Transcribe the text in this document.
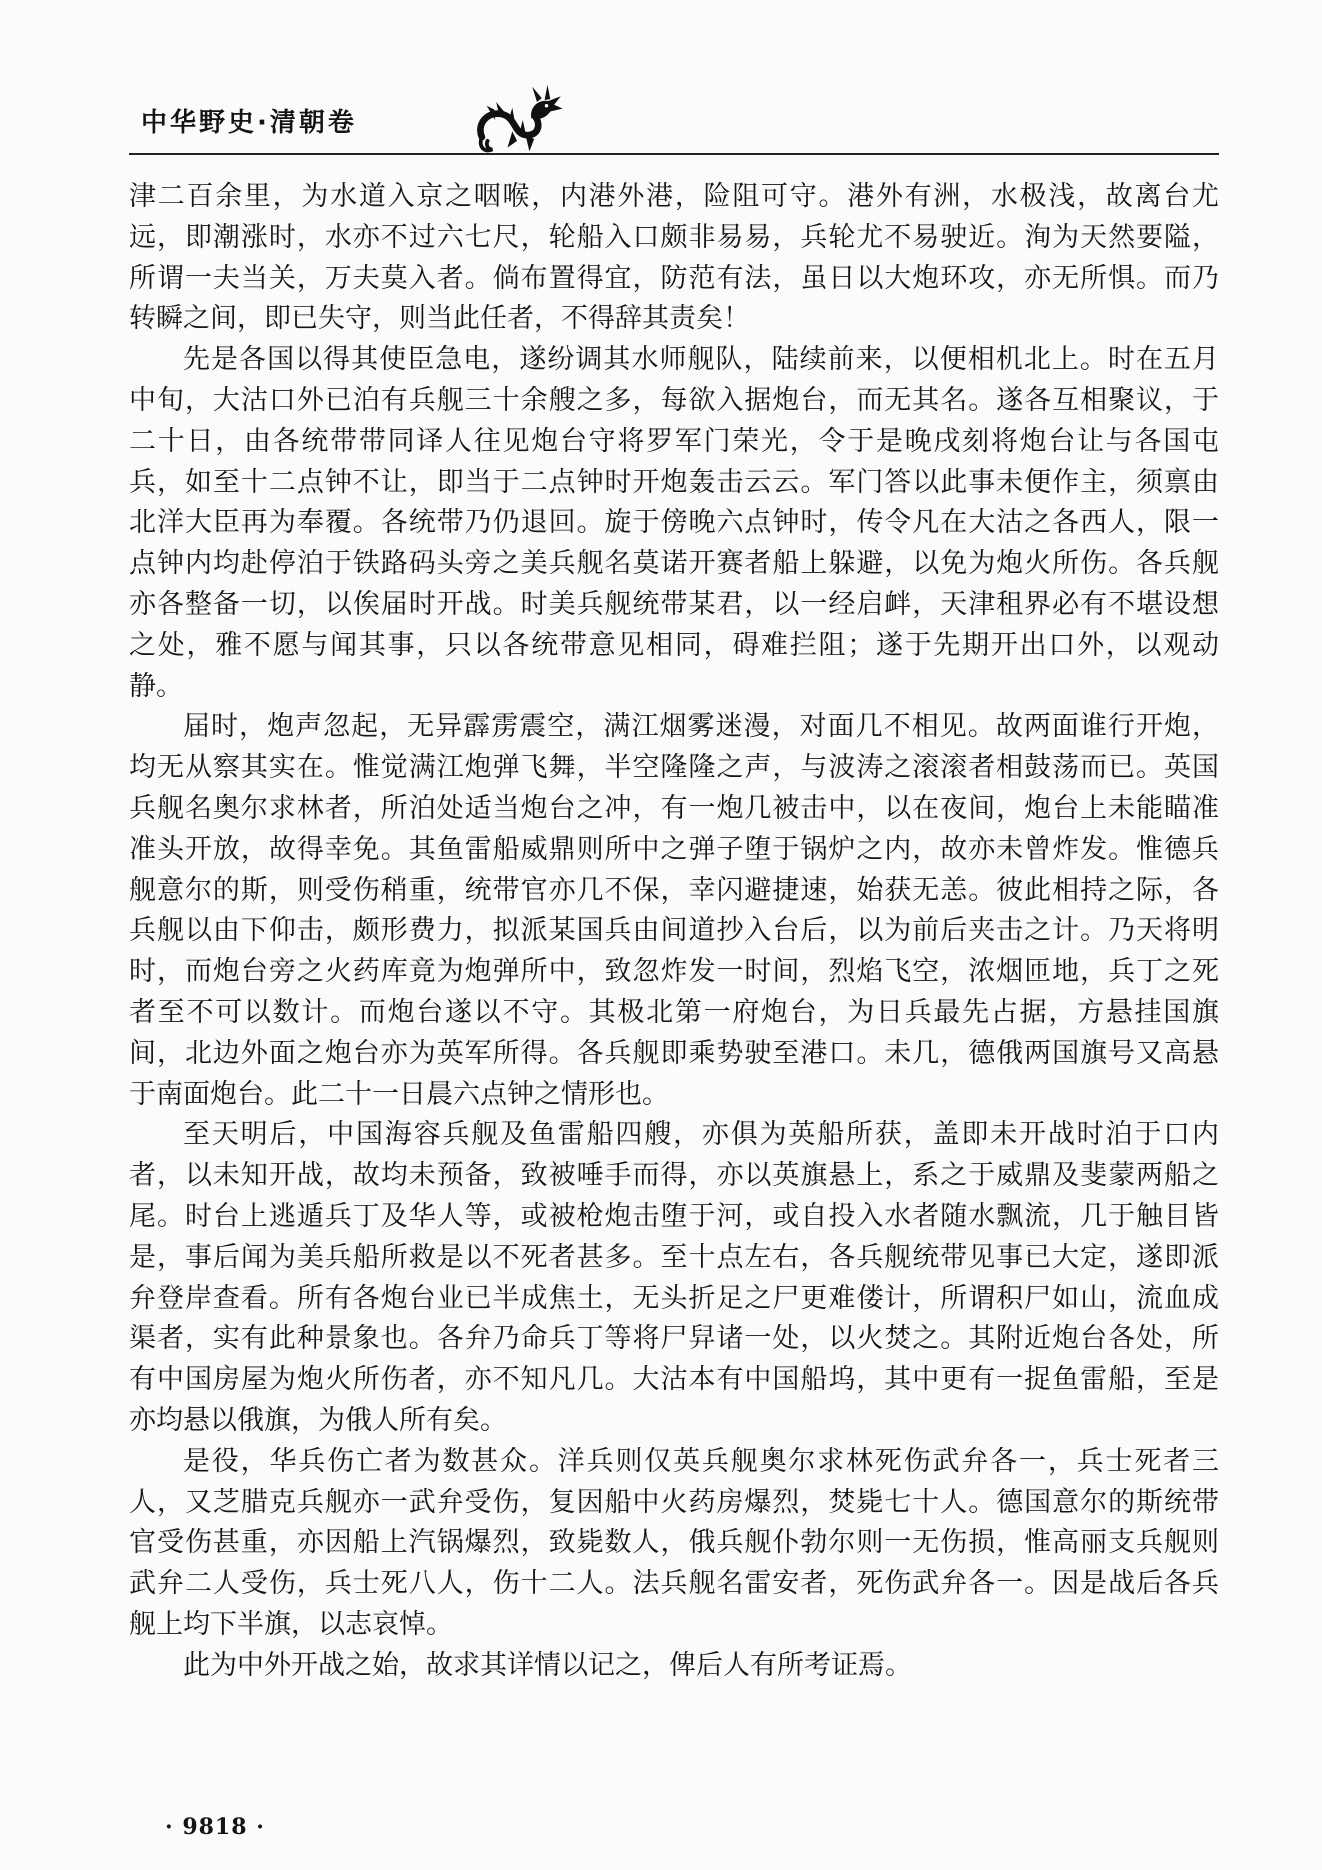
中华野史·清朝卷
津二百余里，为水道入京之咽喉，内港外港，险阻可守。港外有洲，水极浅，故离台尤
远，即潮涨时，水亦不过六七尺，轮船入口颇非易易，兵轮尤不易驶近。洵为天然要隘，
所谓一夫当关，万夫莫入者。倘布置得宜，防范有法，虽日以大炮环攻，亦无所惧。而乃
转瞬之间，即已失守，则当此任者，不得辞其责矣！
先是各国以得其使臣急电，遂纷调其水师舰队，陆续前来，以便相机北上。时在五月
中旬，大沽口外已泊有兵舰三十余艘之多，每欲入据炮台，而无其名。遂各互相聚议，于
二十日，由各统带带同译人往见炮台守将罗军门荣光，令于是晚戌刻将炮台让与各国屯
兵，如至十二点钟不让，即当于二点钟时开炮轰击云云。军门答以此事未便作主，须禀由
北洋大臣再为奉覆。各统带乃仍退回。旋于傍晚六点钟时，传令凡在大沽之各西人，限一
点钟内均赴停泊于铁路码头旁之美兵舰名莫诺开赛者船上躲避，以免为炮火所伤。各兵舰
亦各整备一切，以俟届时开战。时美兵舰统带某君，以一经启衅，天津租界必有不堪设想
之处，雅不愿与闻其事，只以各统带意见相同，碍难拦阻；遂于先期开出口外，以观动
静。
届时，炮声忽起，无异霹雳震空，满江烟雾迷漫，对面几不相见。故两面谁行开炮，
均无从察其实在。惟觉满江炮弹飞舞，半空隆隆之声，与波涛之滚滚者相鼓荡而已。英国
兵舰名奥尔求林者，所泊处适当炮台之冲，有一炮几被击中，以在夜间，炮台上未能瞄准
准头开放，故得幸免。其鱼雷船威鼎则所中之弹子堕于锅炉之内，故亦未曾炸发。惟德兵
舰意尔的斯，则受伤稍重，统带官亦几不保，幸闪避捷速，始获无恙。彼此相持之际，各
兵舰以由下仰击，颇形费力，拟派某国兵由间道抄入台后，以为前后夹击之计。乃天将明
时，而炮台旁之火药库竟为炮弹所中，致忽炸发一时间，烈焰飞空，浓烟匝地，兵丁之死
者至不可以数计。而炮台遂以不守。其极北第一府炮台，为日兵最先占据，方悬挂国旗
间，北边外面之炮台亦为英军所得。各兵舰即乘势驶至港口。未几，德俄两国旗号又高悬
于南面炮台。此二十一日晨六点钟之情形也。
至天明后，中国海容兵舰及鱼雷船四艘，亦俱为英船所获，盖即未开战时泊于口内
者，以未知开战，故均未预备，致被唾手而得，亦以英旗悬上，系之于威鼎及斐蒙两船之
尾。时台上逃遁兵丁及华人等，或被枪炮击堕于河，或自投入水者随水飘流，几于触目皆
是，事后闻为美兵船所救是以不死者甚多。至十点左右，各兵舰统带见事已大定，遂即派
弁登岸查看。所有各炮台业已半成焦土，无头折足之尸更难偻计，所谓积尸如山，流血成
渠者，实有此种景象也。各弁乃命兵丁等将尸舁诸一处，以火焚之。其附近炮台各处，所
有中国房屋为炮火所伤者，亦不知凡几。大沽本有中国船坞，其中更有一捉鱼雷船，至是
亦均悬以俄旗，为俄人所有矣。
是役，华兵伤亡者为数甚众。洋兵则仅英兵舰奥尔求林死伤武弁各一，兵士死者三
人，又芝腊克兵舰亦一武弁受伤，复因船中火药房爆烈，焚毙七十人。德国意尔的斯统带
官受伤甚重，亦因船上汽锅爆烈，致毙数人，俄兵舰仆勃尔则一无伤损，惟高丽支兵舰则
武弁二人受伤，兵士死八人，伤十二人。法兵舰名雷安者，死伤武弁各一。因是战后各兵
舰上均下半旗，以志哀悼。
此为中外开战之始，故求其详情以记之，俾后人有所考证焉。
· 9818 ·
